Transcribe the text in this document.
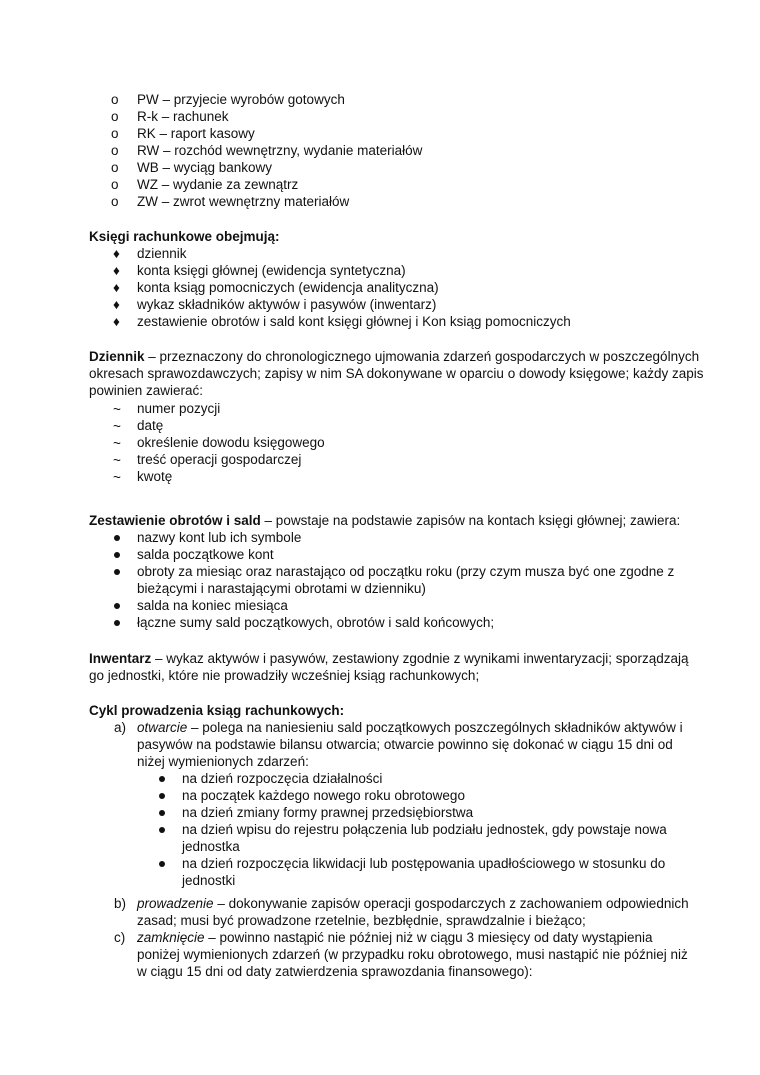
o PW – przyjecie wyrobów gotowych
o R-k – rachunek
o RK – raport kasowy
o RW – rozchód wewnętrzny, wydanie materiałów
o WB – wyciąg bankowy
o WZ – wydanie za zewnątrz
o ZW – zwrot wewnętrzny materiałów
Księgi rachunkowe obejmują:
♦ dziennik
♦ konta księgi głównej (ewidencja syntetyczna)
♦ konta ksiąg pomocniczych (ewidencja analityczna)
♦ wykaz składników aktywów i pasywów (inwentarz)
♦ zestawienie obrotów i sald kont księgi głównej i Kon ksiąg pomocniczych
Dziennik – przeznaczony do chronologicznego ujmowania zdarzeń gospodarczych w poszczególnych
okresach sprawozdawczych; zapisy w nim SA dokonywane w oparciu o dowody księgowe; każdy zapis
powinien zawierać:
~ numer pozycji
~ datę
~ określenie dowodu księgowego
~ treść operacji gospodarczej
~ kwotę
Zestawienie obrotów i sald – powstaje na podstawie zapisów na kontach księgi głównej; zawiera:
nazwy kont lub ich symbole
salda początkowe kont
obroty za miesiąc oraz narastająco od początku roku (przy czym musza być one zgodne z
bieżącymi i narastającymi obrotami w dzienniku)
salda na koniec miesiąca
łączne sumy sald początkowych, obrotów i sald końcowych;
Inwentarz – wykaz aktywów i pasywów, zestawiony zgodnie z wynikami inwentaryzacji; sporządzają
go jednostki, które nie prowadziły wcześniej ksiąg rachunkowych;
Cykl prowadzenia ksiąg rachunkowych:
a) otwarcie – polega na naniesieniu sald początkowych poszczególnych składników aktywów i
pasywów na podstawie bilansu otwarcia; otwarcie powinno się dokonać w ciągu 15 dni od
niżej wymienionych zdarzeń:
na dzień rozpoczęcia działalności
na początek każdego nowego roku obrotowego
na dzień zmiany formy prawnej przedsiębiorstwa
na dzień wpisu do rejestru połączenia lub podziału jednostek, gdy powstaje nowa
jednostka
na dzień rozpoczęcia likwidacji lub postępowania upadłościowego w stosunku do
jednostki
b) prowadzenie – dokonywanie zapisów operacji gospodarczych z zachowaniem odpowiednich
zasad; musi być prowadzone rzetelnie, bezbłędnie, sprawdzalnie i bieżąco;
c) zamknięcie – powinno nastąpić nie później niż w ciągu 3 miesięcy od daty wystąpienia
poniżej wymienionych zdarzeń (w przypadku roku obrotowego, musi nastąpić nie później niż
w ciągu 15 dni od daty zatwierdzenia sprawozdania finansowego):
